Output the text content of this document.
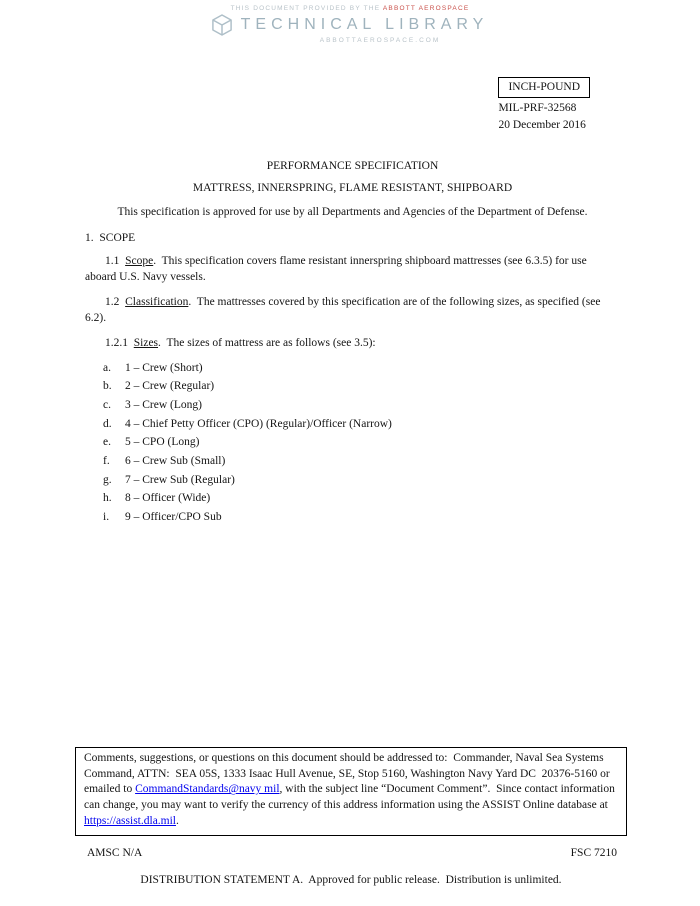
THIS DOCUMENT PROVIDED BY THE ABBOTT AEROSPACE
TECHNICAL LIBRARY
ABBOTTAEROSPACE.COM
INCH-POUND
MIL-PRF-32568
20 December 2016
PERFORMANCE SPECIFICATION
MATTRESS, INNERSPRING, FLAME RESISTANT, SHIPBOARD
This specification is approved for use by all Departments and Agencies of the Department of Defense.
1.  SCOPE
1.1  Scope.  This specification covers flame resistant innerspring shipboard mattresses (see 6.3.5) for use aboard U.S. Navy vessels.
1.2  Classification.  The mattresses covered by this specification are of the following sizes, as specified (see 6.2).
1.2.1  Sizes.  The sizes of mattress are as follows (see 3.5):
a.	1 – Crew (Short)
b.	2 – Crew (Regular)
c.	3 – Crew (Long)
d.	4 – Chief Petty Officer (CPO) (Regular)/Officer (Narrow)
e.	5 – CPO (Long)
f.	6 – Crew Sub (Small)
g.	7 – Crew Sub (Regular)
h.	8 – Officer (Wide)
i.	9 – Officer/CPO Sub
Comments, suggestions, or questions on this document should be addressed to:  Commander, Naval Sea Systems Command, ATTN:  SEA 05S, 1333 Isaac Hull Avenue, SE, Stop 5160, Washington Navy Yard DC  20376-5160 or emailed to CommandStandards@navy mil, with the subject line “Document Comment”.  Since contact information can change, you may want to verify the currency of this address information using the ASSIST Online database at https://assist.dla.mil.
AMSC N/A	FSC 7210
DISTRIBUTION STATEMENT A.  Approved for public release.  Distribution is unlimited.
